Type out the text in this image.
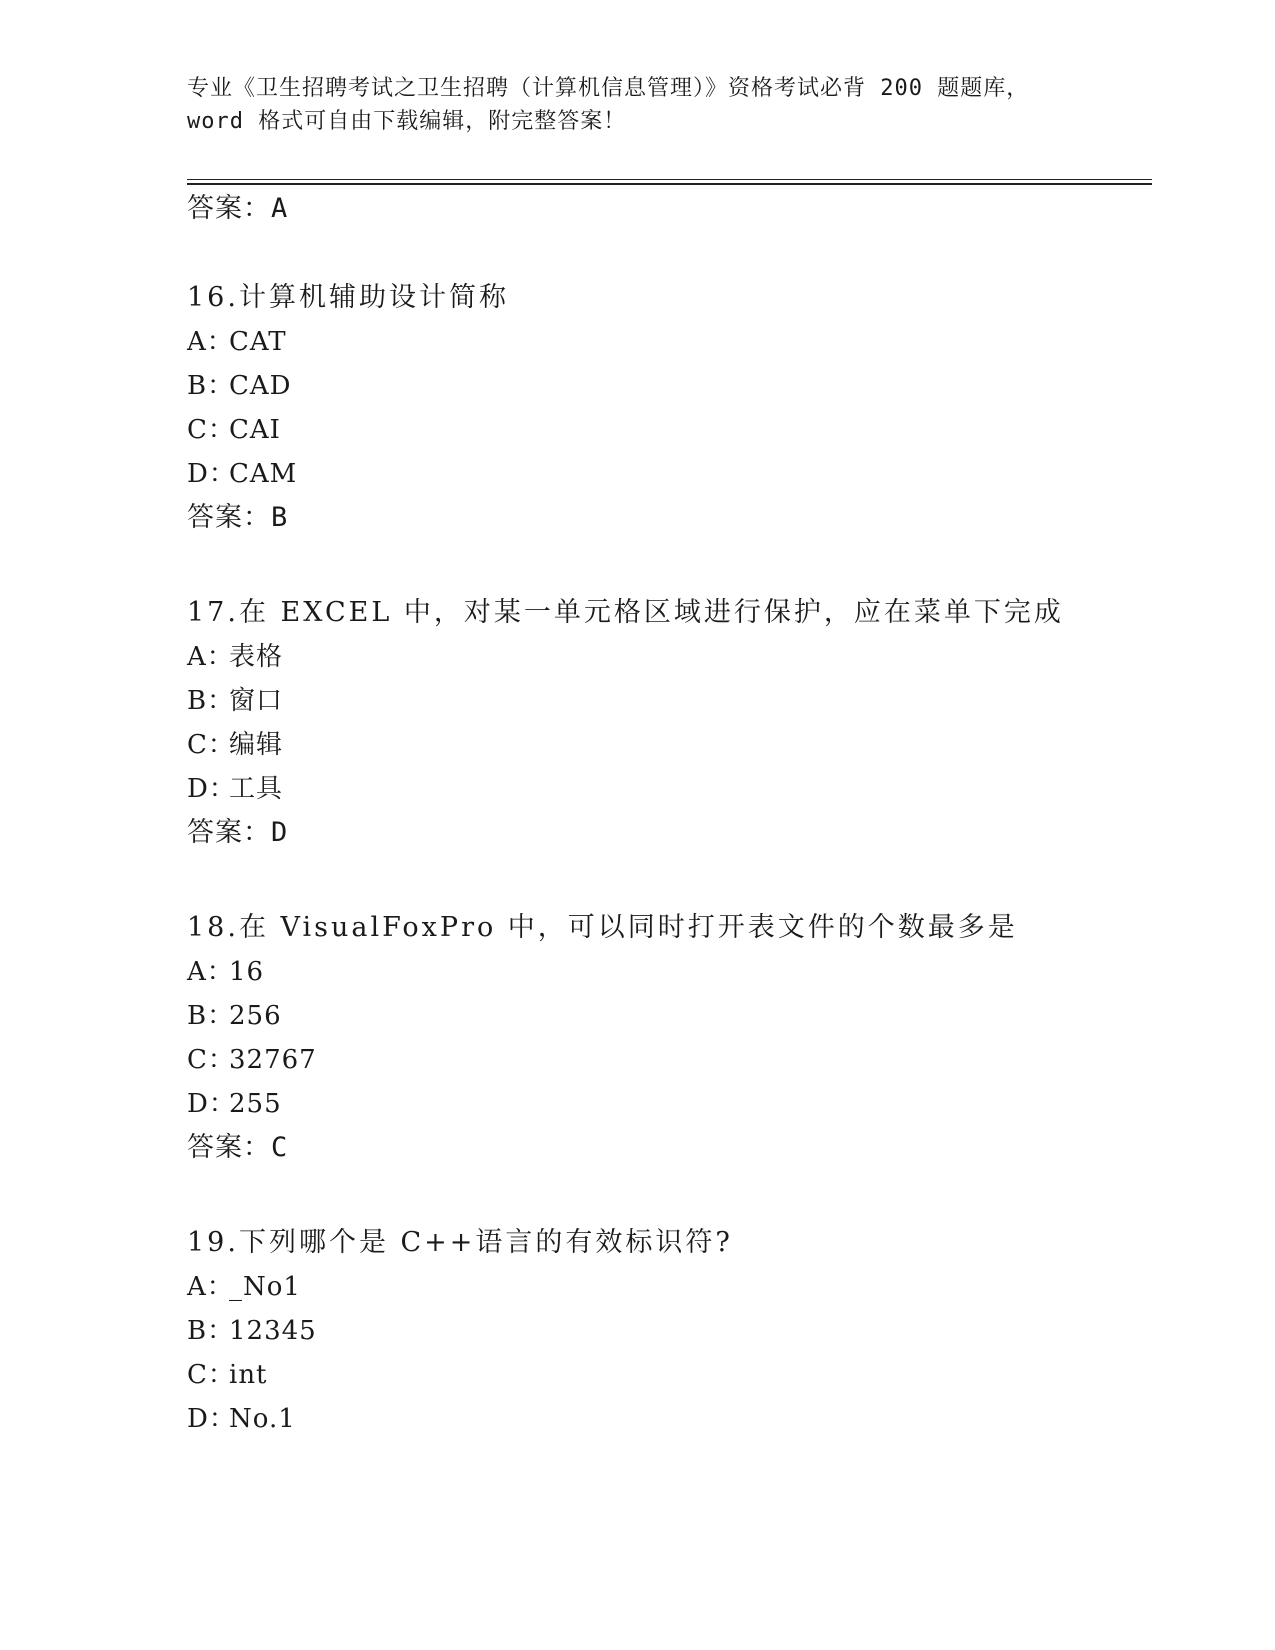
专业《卫生招聘考试之卫生招聘（计算机信息管理）》资格考试必背 200 题题库，
word 格式可自由下载编辑，附完整答案！
答案：A
16.计算机辅助设计简称
A：CAT
B：CAD
C：CAI
D：CAM
答案：B
17.在 EXCEL 中，对某一单元格区域进行保护，应在菜单下完成
A：表格
B：窗口
C：编辑
D：工具
答案：D
18.在 VisualFoxPro 中，可以同时打开表文件的个数最多是
A：16
B：256
C：32767
D：255
答案：C
19.下列哪个是 C++语言的有效标识符?
A：_No1
B：12345
C：int
D：No.1
